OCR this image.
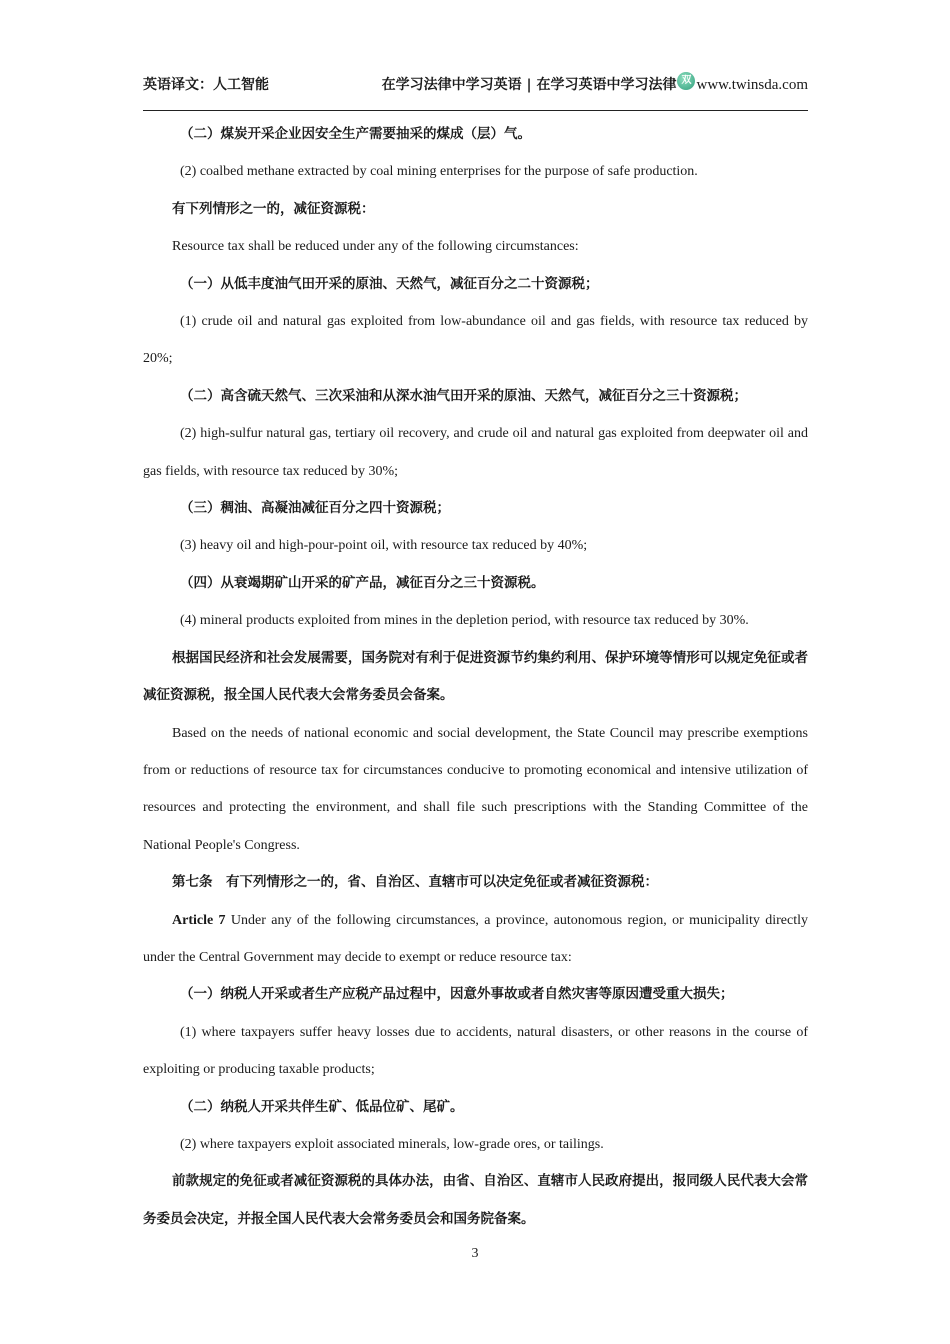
英语译文：人工智能	在学习法律中学习英语 | 在学习英语中学习法律 双 www.twinsda.com

（二）煤炭开采企业因安全生产需要抽采的煤成（层）气。

(2) coalbed methane extracted by coal mining enterprises for the purpose of safe production.

有下列情形之一的，减征资源税：

Resource tax shall be reduced under any of the following circumstances:

（一）从低丰度油气田开采的原油、天然气，减征百分之二十资源税；

(1) crude oil and natural gas exploited from low-abundance oil and gas fields, with resource tax reduced by 20%;

（二）高含硫天然气、三次采油和从深水油气田开采的原油、天然气，减征百分之三十资源税；

(2) high-sulfur natural gas, tertiary oil recovery, and crude oil and natural gas exploited from deepwater oil and gas fields, with resource tax reduced by 30%;

（三）稠油、高凝油减征百分之四十资源税；

(3) heavy oil and high-pour-point oil, with resource tax reduced by 40%;

（四）从衰竭期矿山开采的矿产品，减征百分之三十资源税。

(4) mineral products exploited from mines in the depletion period, with resource tax reduced by 30%.

根据国民经济和社会发展需要，国务院对有利于促进资源节约集约利用、保护环境等情形可以规定免征或者减征资源税，报全国人民代表大会常务委员会备案。

Based on the needs of national economic and social development, the State Council may prescribe exemptions from or reductions of resource tax for circumstances conducive to promoting economical and intensive utilization of resources and protecting the environment, and shall file such prescriptions with the Standing Committee of the National People's Congress.

第七条  有下列情形之一的，省、自治区、直辖市可以决定免征或者减征资源税：

Article 7 Under any of the following circumstances, a province, autonomous region, or municipality directly under the Central Government may decide to exempt or reduce resource tax:

（一）纳税人开采或者生产应税产品过程中，因意外事故或者自然灾害等原因遭受重大损失；

(1) where taxpayers suffer heavy losses due to accidents, natural disasters, or other reasons in the course of exploiting or producing taxable products;

（二）纳税人开采共伴生矿、低品位矿、尾矿。

(2) where taxpayers exploit associated minerals, low-grade ores, or tailings.

前款规定的免征或者减征资源税的具体办法，由省、自治区、直辖市人民政府提出，报同级人民代表大会常务委员会决定，并报全国人民代表大会常务委员会和国务院备案。

3
